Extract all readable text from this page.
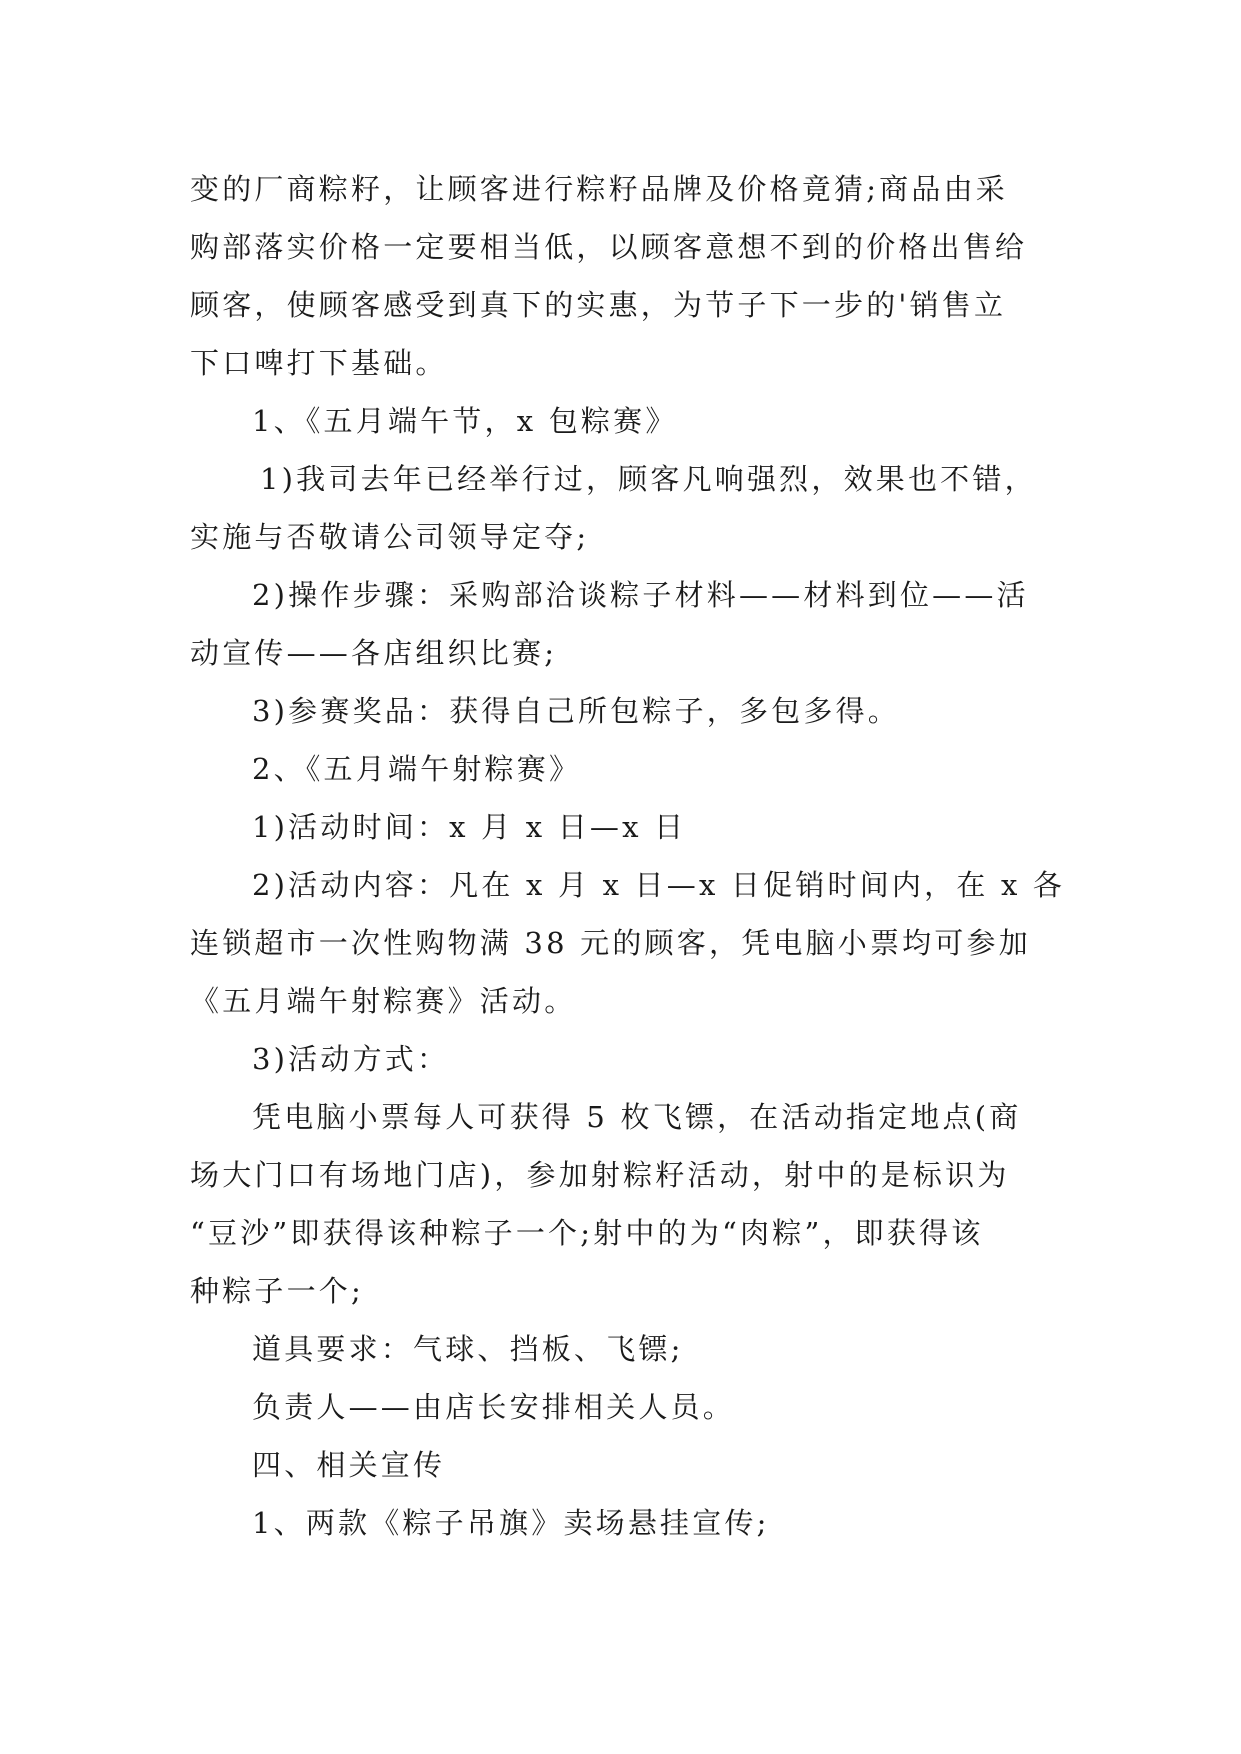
变的厂商粽籽，让顾客进行粽籽品牌及价格竟猜;商品由采
购部落实价格一定要相当低，以顾客意想不到的价格出售给
顾客，使顾客感受到真下的实惠，为节子下一步的'销售立
下口啤打下基础。
1、《五月端午节，x 包粽赛》
1)我司去年已经举行过，顾客凡响强烈，效果也不错，
实施与否敬请公司领导定夺;
2)操作步骤：采购部洽谈粽子材料——材料到位——活
动宣传——各店组织比赛;
3)参赛奖品：获得自己所包粽子，多包多得。
2、《五月端午射粽赛》
1)活动时间：x 月 x 日—x 日
2)活动内容：凡在 x 月 x 日—x 日促销时间内，在 x 各
连锁超市一次性购物满 38 元的顾客，凭电脑小票均可参加
《五月端午射粽赛》活动。
3)活动方式：
凭电脑小票每人可获得 5 枚飞镖，在活动指定地点(商
场大门口有场地门店)，参加射粽籽活动，射中的是标识为
“豆沙”即获得该种粽子一个;射中的为“肉粽”，即获得该
种粽子一个;
道具要求：气球、挡板、飞镖;
负责人——由店长安排相关人员。
四、相关宣传
1、两款《粽子吊旗》卖场悬挂宣传;
